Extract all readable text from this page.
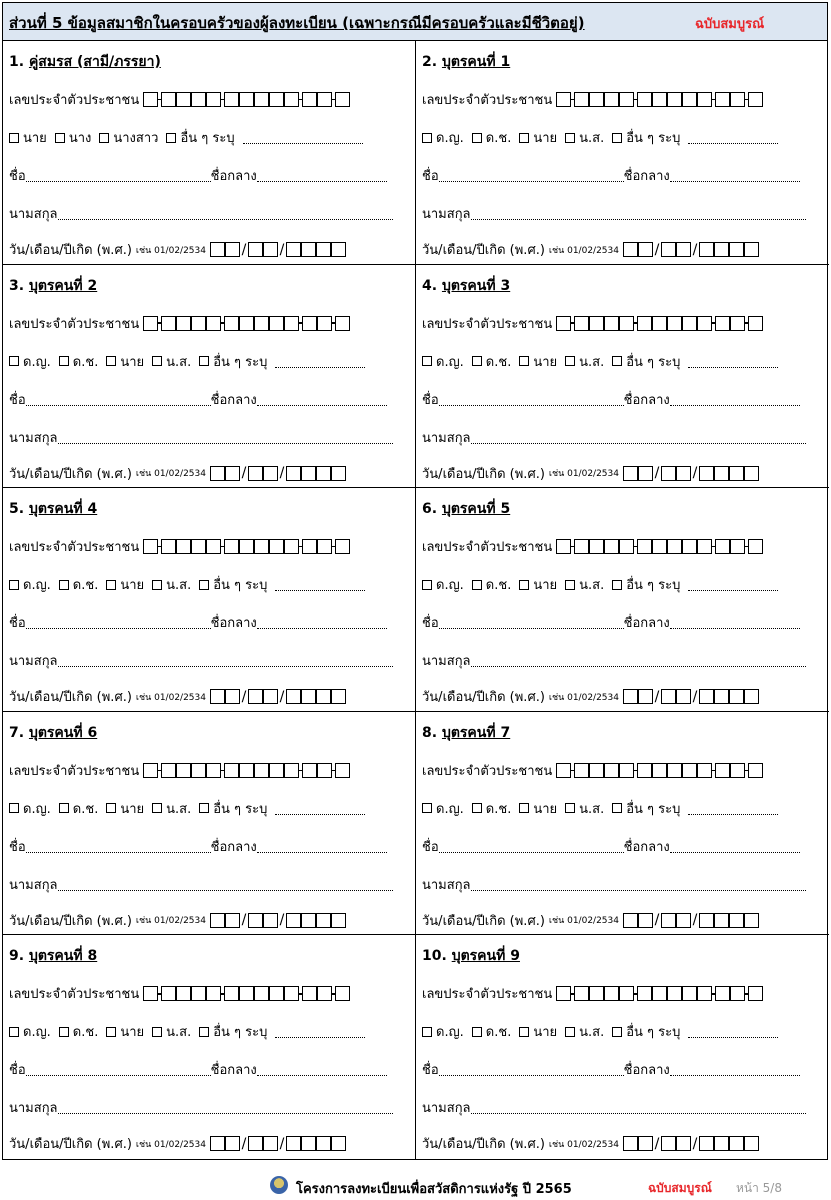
ส่วนที่ 5 ข้อมูลสมาชิกในครอบครัวของผู้ลงทะเบียน (เฉพาะกรณีมีครอบครัวและมีชีวิตอยู่)	ฉบับสมบูรณ์
1. คู่สมรส (สามี/ภรรยา)
เลขประจำตัวประชาชน
นาย นาง นางสาว อื่น ๆ ระบุ
ชื่อ	ชื่อกลาง
นามสกุล
วัน/เดือน/ปีเกิด (พ.ศ.) เช่น 01/02/2534	/ /
2. บุตรคนที่ 1
เลขประจำตัวประชาชน
ด.ญ. ด.ช. นาย น.ส. อื่น ๆ ระบุ
ชื่อ	ชื่อกลาง
นามสกุล
วัน/เดือน/ปีเกิด (พ.ศ.) เช่น 01/02/2534	/ /
3. บุตรคนที่ 2
เลขประจำตัวประชาชน
ด.ญ. ด.ช. นาย น.ส. อื่น ๆ ระบุ
ชื่อ	ชื่อกลาง
นามสกุล
วัน/เดือน/ปีเกิด (พ.ศ.) เช่น 01/02/2534	/ /
4. บุตรคนที่ 3
เลขประจำตัวประชาชน
ด.ญ. ด.ช. นาย น.ส. อื่น ๆ ระบุ
ชื่อ	ชื่อกลาง
นามสกุล
วัน/เดือน/ปีเกิด (พ.ศ.) เช่น 01/02/2534	/ /
5. บุตรคนที่ 4
เลขประจำตัวประชาชน
ด.ญ. ด.ช. นาย น.ส. อื่น ๆ ระบุ
ชื่อ	ชื่อกลาง
นามสกุล
วัน/เดือน/ปีเกิด (พ.ศ.) เช่น 01/02/2534	/ /
6. บุตรคนที่ 5
เลขประจำตัวประชาชน
ด.ญ. ด.ช. นาย น.ส. อื่น ๆ ระบุ
ชื่อ	ชื่อกลาง
นามสกุล
วัน/เดือน/ปีเกิด (พ.ศ.) เช่น 01/02/2534	/ /
7. บุตรคนที่ 6
เลขประจำตัวประชาชน
ด.ญ. ด.ช. นาย น.ส. อื่น ๆ ระบุ
ชื่อ	ชื่อกลาง
นามสกุล
วัน/เดือน/ปีเกิด (พ.ศ.) เช่น 01/02/2534	/ /
8. บุตรคนที่ 7
เลขประจำตัวประชาชน
ด.ญ. ด.ช. นาย น.ส. อื่น ๆ ระบุ
ชื่อ	ชื่อกลาง
นามสกุล
วัน/เดือน/ปีเกิด (พ.ศ.) เช่น 01/02/2534	/ /
9. บุตรคนที่ 8
เลขประจำตัวประชาชน
ด.ญ. ด.ช. นาย น.ส. อื่น ๆ ระบุ
ชื่อ	ชื่อกลาง
นามสกุล
วัน/เดือน/ปีเกิด (พ.ศ.) เช่น 01/02/2534	/ /
10. บุตรคนที่ 9
เลขประจำตัวประชาชน
ด.ญ. ด.ช. นาย น.ส. อื่น ๆ ระบุ
ชื่อ	ชื่อกลาง
นามสกุล
วัน/เดือน/ปีเกิด (พ.ศ.) เช่น 01/02/2534	/ /
โครงการลงทะเบียนเพื่อสวัสดิการแห่งรัฐ ปี 2565	ฉบับสมบูรณ์ หน้า 5/8
